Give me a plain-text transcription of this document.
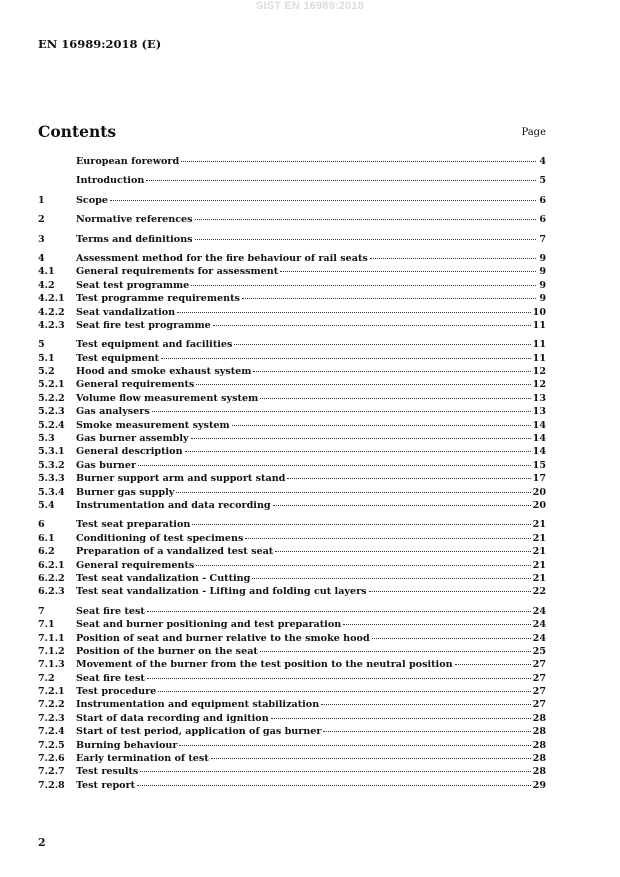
SIST EN 16989:2018
EN 16989:2018 (E)
Contents	Page
European foreword	4
Introduction	5
1	Scope	6
2	Normative references	6
3	Terms and definitions	7
4	Assessment method for the fire behaviour of rail seats	9
4.1	General requirements for assessment	9
4.2	Seat test programme	9
4.2.1	Test programme requirements	9
4.2.2	Seat vandalization	10
4.2.3	Seat fire test programme	11
5	Test equipment and facilities	11
5.1	Test equipment	11
5.2	Hood and smoke exhaust system	12
5.2.1	General requirements	12
5.2.2	Volume flow measurement system	13
5.2.3	Gas analysers	13
5.2.4	Smoke measurement system	14
5.3	Gas burner assembly	14
5.3.1	General description	14
5.3.2	Gas burner	15
5.3.3	Burner support arm and support stand	17
5.3.4	Burner gas supply	20
5.4	Instrumentation and data recording	20
6	Test seat preparation	21
6.1	Conditioning of test specimens	21
6.2	Preparation of a vandalized test seat	21
6.2.1	General requirements	21
6.2.2	Test seat vandalization - Cutting	21
6.2.3	Test seat vandalization - Lifting and folding cut layers	22
7	Seat fire test	24
7.1	Seat and burner positioning and test preparation	24
7.1.1	Position of seat and burner relative to the smoke hood	24
7.1.2	Position of the burner on the seat	25
7.1.3	Movement of the burner from the test position to the neutral position	27
7.2	Seat fire test	27
7.2.1	Test procedure	27
7.2.2	Instrumentation and equipment stabilization	27
7.2.3	Start of data recording and ignition	28
7.2.4	Start of test period, application of gas burner	28
7.2.5	Burning behaviour	28
7.2.6	Early termination of test	28
7.2.7	Test results	28
7.2.8	Test report	29
2
